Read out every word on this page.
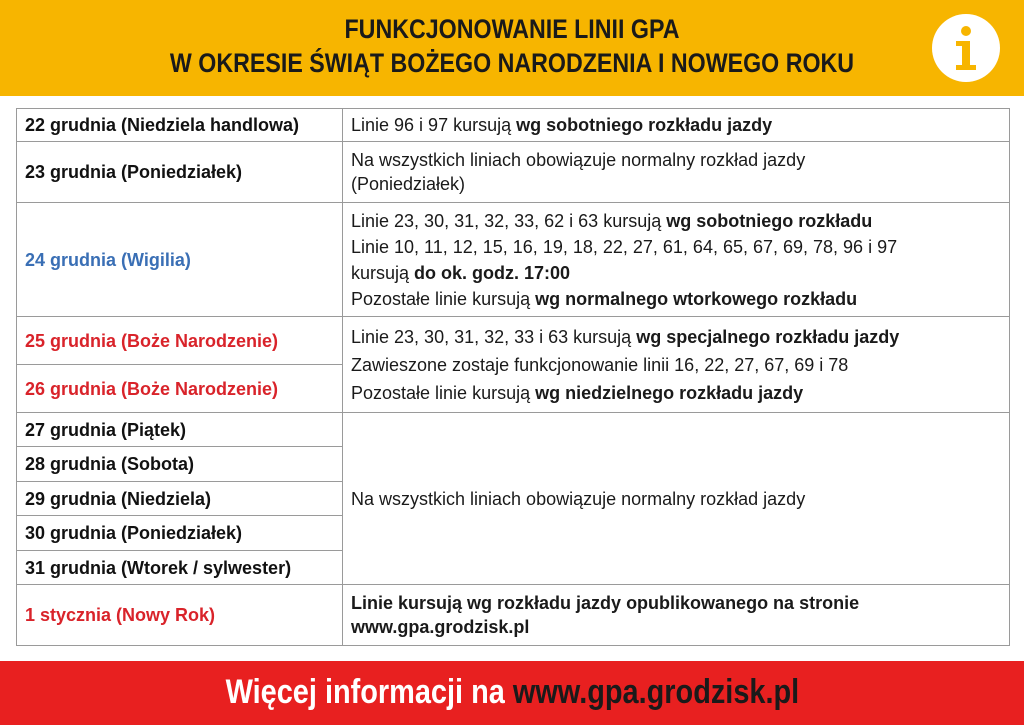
FUNKCJONOWANIE LINII GPA
W OKRESIE ŚWIĄT BOŻEGO NARODZENIA I NOWEGO ROKU
22 grudnia (Niedziela handlowa)	Linie 96 i 97 kursują wg sobotniego rozkładu jazdy
23 grudnia (Poniedziałek)	Na wszystkich liniach obowiązuje normalny rozkład jazdy
(Poniedziałek)

24 grudnia (Wigilia)	Linie 23, 30, 31, 32, 33, 62 i 63 kursują wg sobotniego rozkładu
Linie 10, 11, 12, 15, 16, 19, 18, 22, 27, 61, 64, 65, 67, 69, 78, 96 i 97
kursują do ok. godz. 17:00
Pozostałe linie kursują wg normalnego wtorkowego rozkładu

25 grudnia (Boże Narodzenie)	Linie 23, 30, 31, 32, 33 i 63 kursują wg specjalnego rozkładu jazdy
Zawieszone zostaje funkcjonowanie linii 16, 22, 27, 67, 69 i 78
Pozostałe linie kursują wg niedzielnego rozkładu jazdy

26 grudnia (Boże Narodzenie)	
27 grudnia (Piątek)	Na wszystkich liniach obowiązuje normalny rozkład jazdy
28 grudnia (Sobota)	
29 grudnia (Niedziela)	
30 grudnia (Poniedziałek)	
31 grudnia (Wtorek / sylwester)	
1 stycznia (Nowy Rok)	Linie kursują wg rozkładu jazdy opublikowanego na stronie
www.gpa.grodzisk.pl
Więcej informacji na www.gpa.grodzisk.pl
